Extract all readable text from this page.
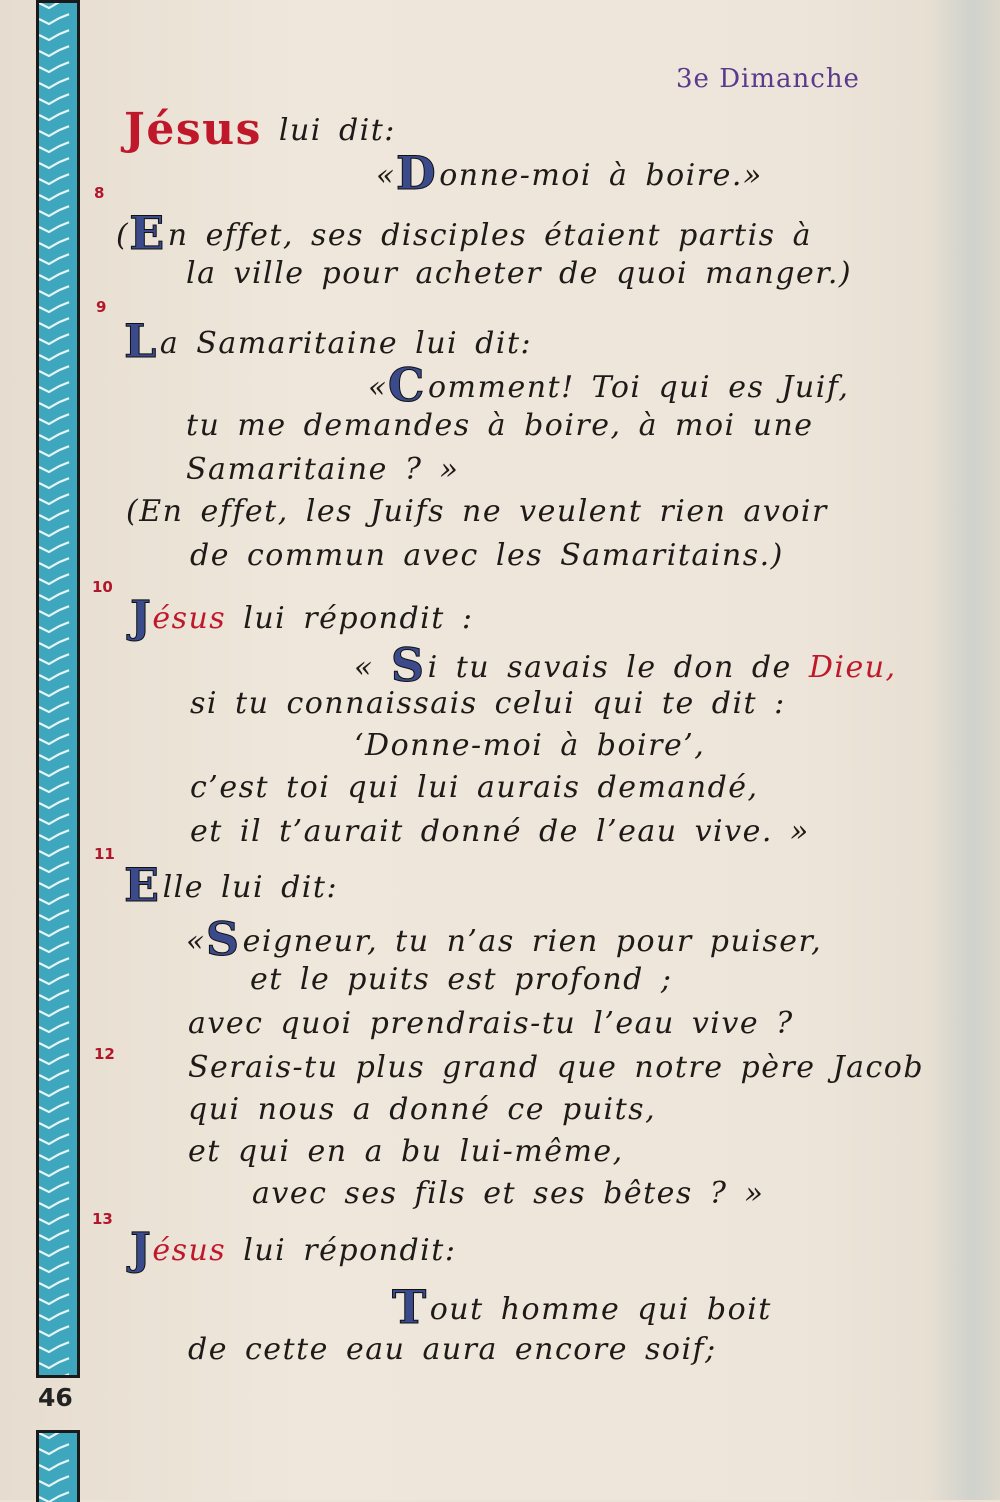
3e Dimanche
46
8
9
10
11
12
13
Jésus lui dit:
«Donne-moi à boire.»
(En effet, ses disciples étaient partis à
la ville pour acheter de quoi manger.)
La Samaritaine lui dit:
«Comment! Toi qui es Juif,
tu me demandes à boire, à moi une
Samaritaine ? »
(En effet, les Juifs ne veulent rien avoir
de commun avec les Samaritains.)
Jésus lui répondit :
« Si tu savais le don de Dieu,
si tu connaissais celui qui te dit :
‘Donne-moi à boire’,
c’est toi qui lui aurais demandé,
et il t’aurait donné de l’eau vive. »
Elle lui dit:
«Seigneur, tu n’as rien pour puiser,
et le puits est profond ;
avec quoi prendrais-tu l’eau vive ?
Serais-tu plus grand que notre père Jacob
qui nous a donné ce puits,
et qui en a bu lui-même,
avec ses fils et ses bêtes ? »
Jésus lui répondit:
Tout homme qui boit
de cette eau aura encore soif;
